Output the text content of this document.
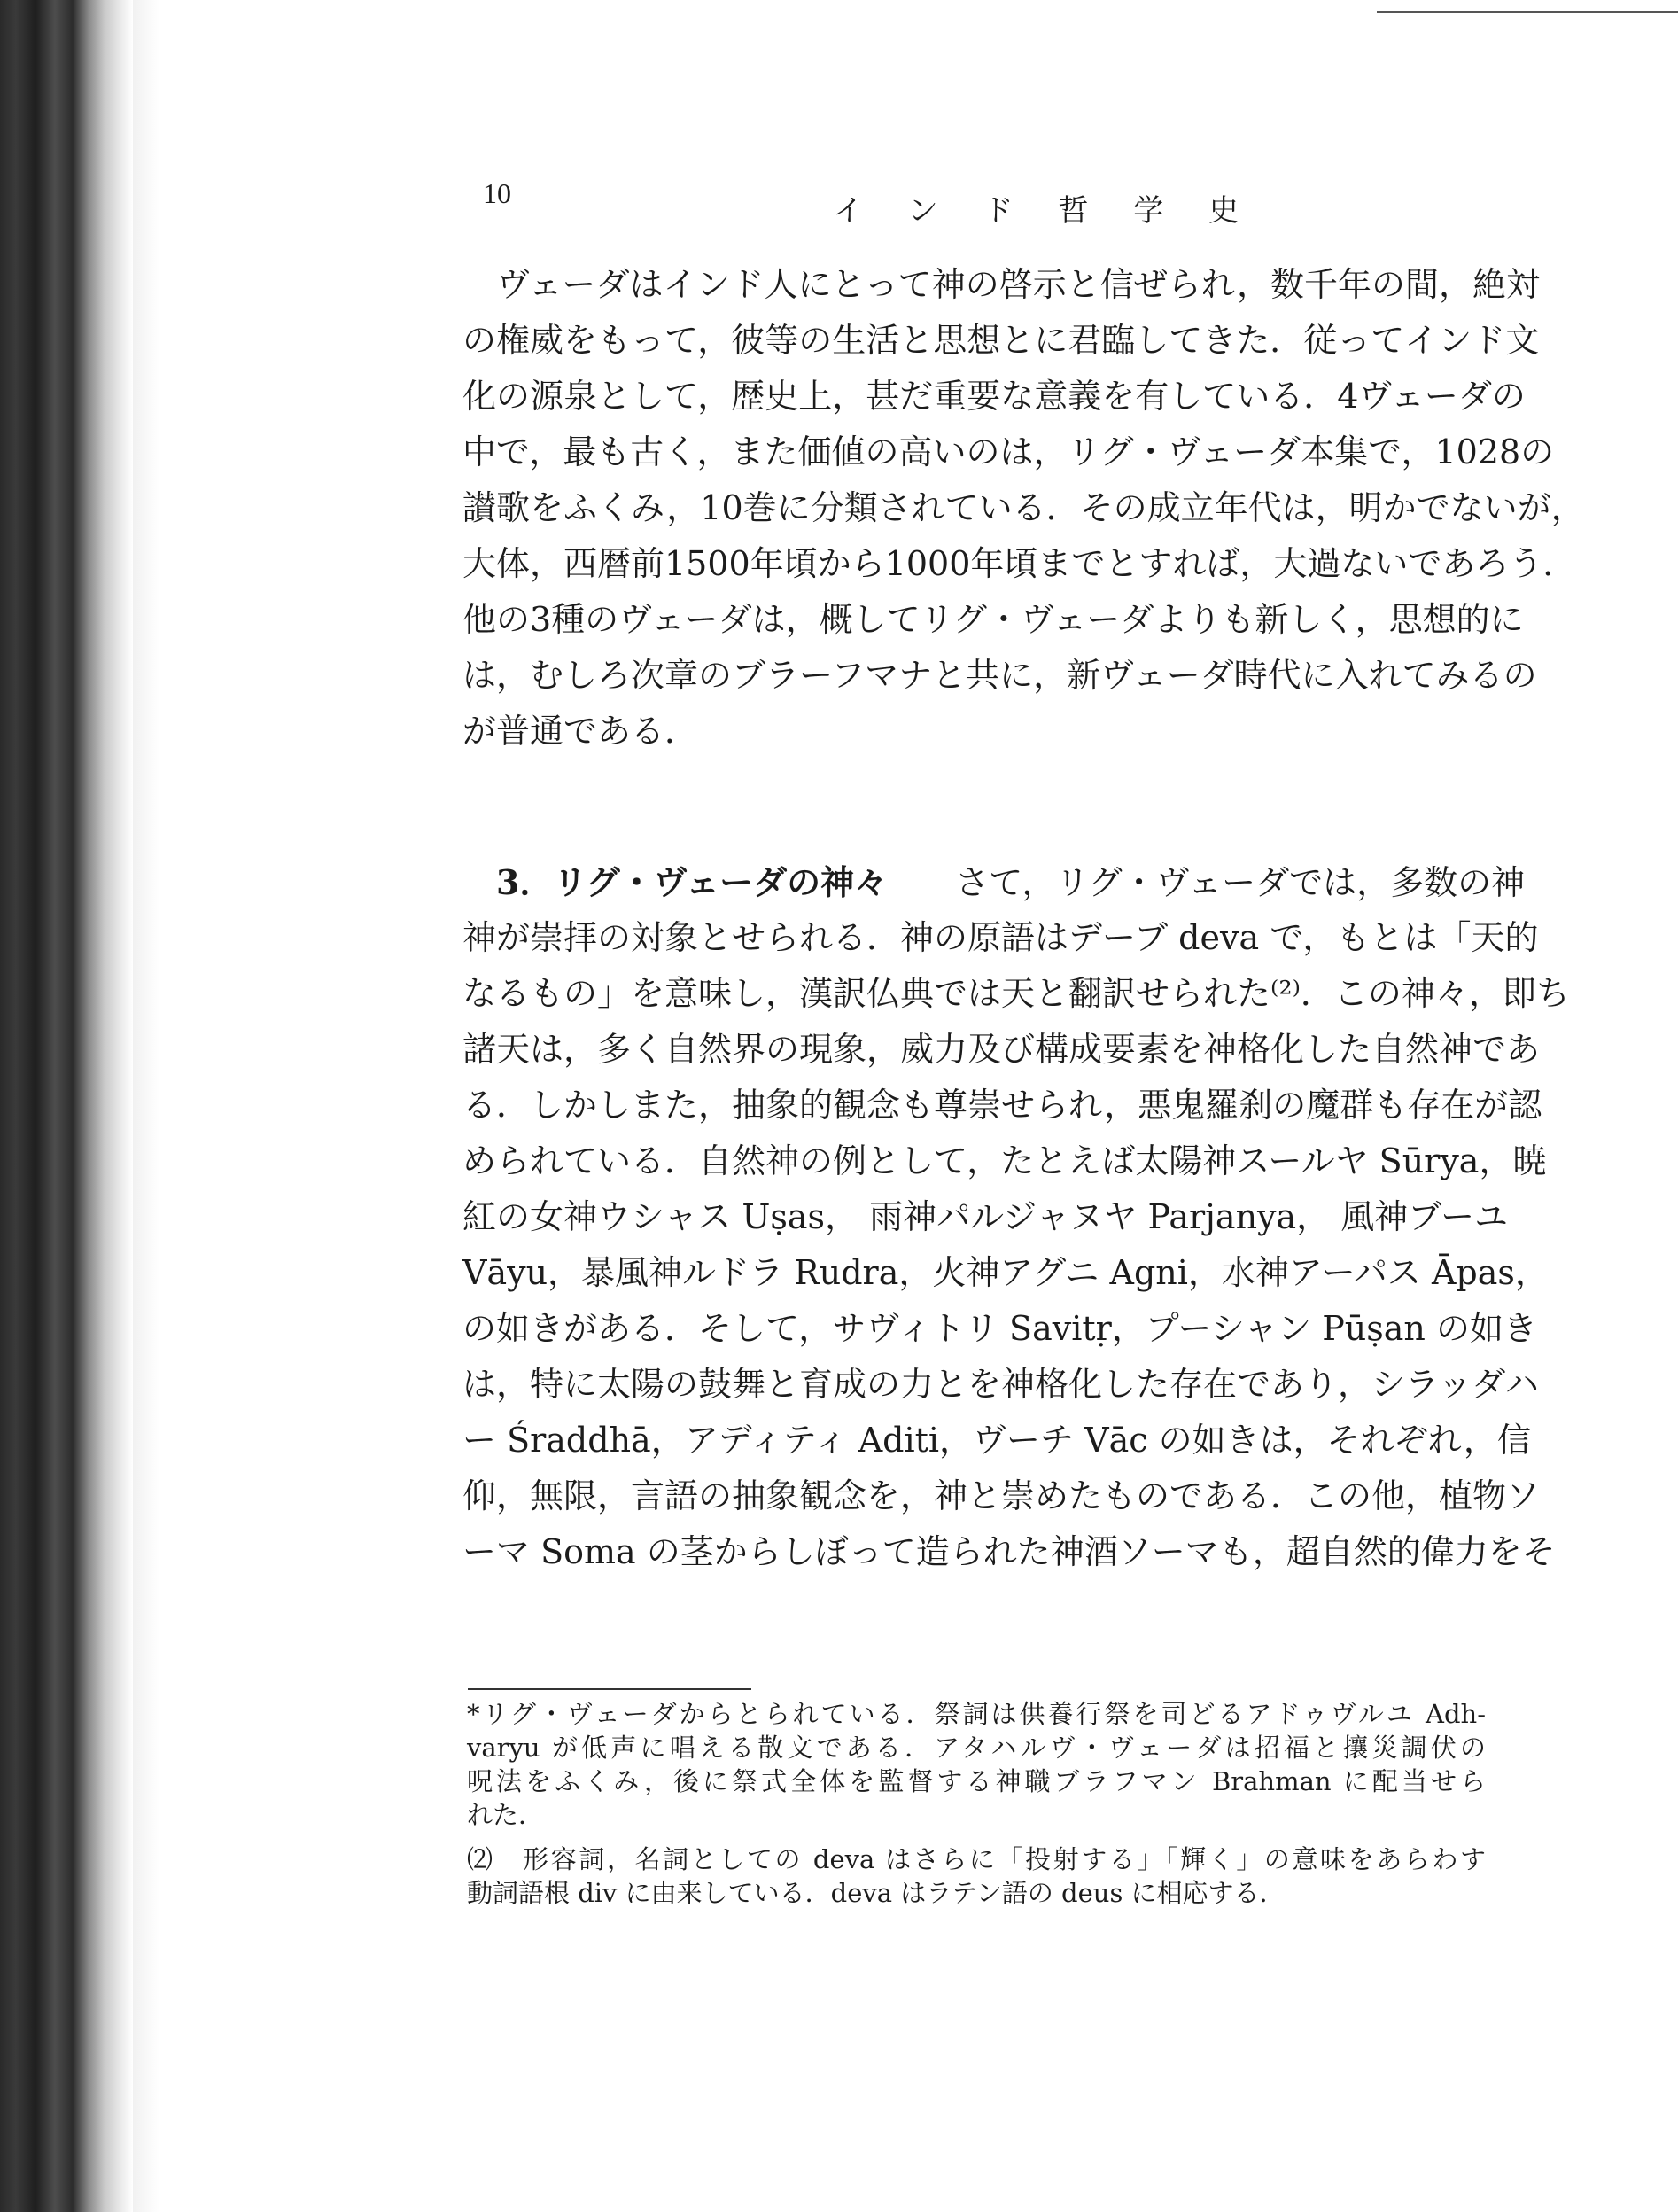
10	イ ン ド 哲 学 史
ヴェーダはインド人にとって神の啓示と信ぜられ，数千年の間，絶対
の権威をもって，彼等の生活と思想とに君臨してきた．従ってインド文
化の源泉として，歴史上，甚だ重要な意義を有している．4ヴェーダの
中で，最も古く，また価値の高いのは，リグ・ヴェーダ本集で，1028の
讃歌をふくみ，10巻に分類されている．その成立年代は，明かでないが，
大体，西暦前1500年頃から1000年頃までとすれば，大過ないであろう．
他の3種のヴェーダは，概してリグ・ヴェーダよりも新しく，思想的に
は，むしろ次章のブラーフマナと共に，新ヴェーダ時代に入れてみるの
が普通である．
3．リグ・ヴェーダの神々　　 さて，リグ・ヴェーダでは，多数の神
神が崇拝の対象とせられる．神の原語はデーブ deva で，もとは「天的
なるもの」を意味し，漢訳仏典では天と翻訳せられた⁽²⁾．この神々，即ち
諸天は，多く自然界の現象，威力及び構成要素を神格化した自然神であ
る．しかしまた，抽象的観念も尊崇せられ，悪鬼羅刹の魔群も存在が認
められている．自然神の例として，たとえば太陽神スールヤ Sūrya，暁
紅の女神ウシャス Uṣas， 雨神パルジャヌヤ Parjanya， 風神ブーユ
Vāyu，暴風神ルドラ Rudra，火神アグニ Agni，水神アーパス Āpas，
の如きがある．そして，サヴィトリ Savitṛ，プーシャン Pūṣan の如き
は，特に太陽の鼓舞と育成の力とを神格化した存在であり，シラッダハ
ー Śraddhā，アディティ Aditi，ヴーチ Vāc の如きは，それぞれ，信
仰，無限，言語の抽象観念を，神と崇めたものである．この他，植物ソ
ーマ Soma の茎からしぼって造られた神酒ソーマも，超自然的偉力をそ
*リグ・ヴェーダからとられている．祭詞は供養行祭を司どるアドゥヴルユ Adh-
varyu が低声に唱える散文である．アタハルヴ・ヴェーダは招福と攘災調伏の
呪法をふくみ，後に祭式全体を監督する神職ブラフマン Brahman に配当せら
れた．
⑵　形容詞，名詞としての deva はさらに「投射する」「輝く」の意味をあらわす
動詞語根 div に由来している．deva はラテン語の deus に相応する．
